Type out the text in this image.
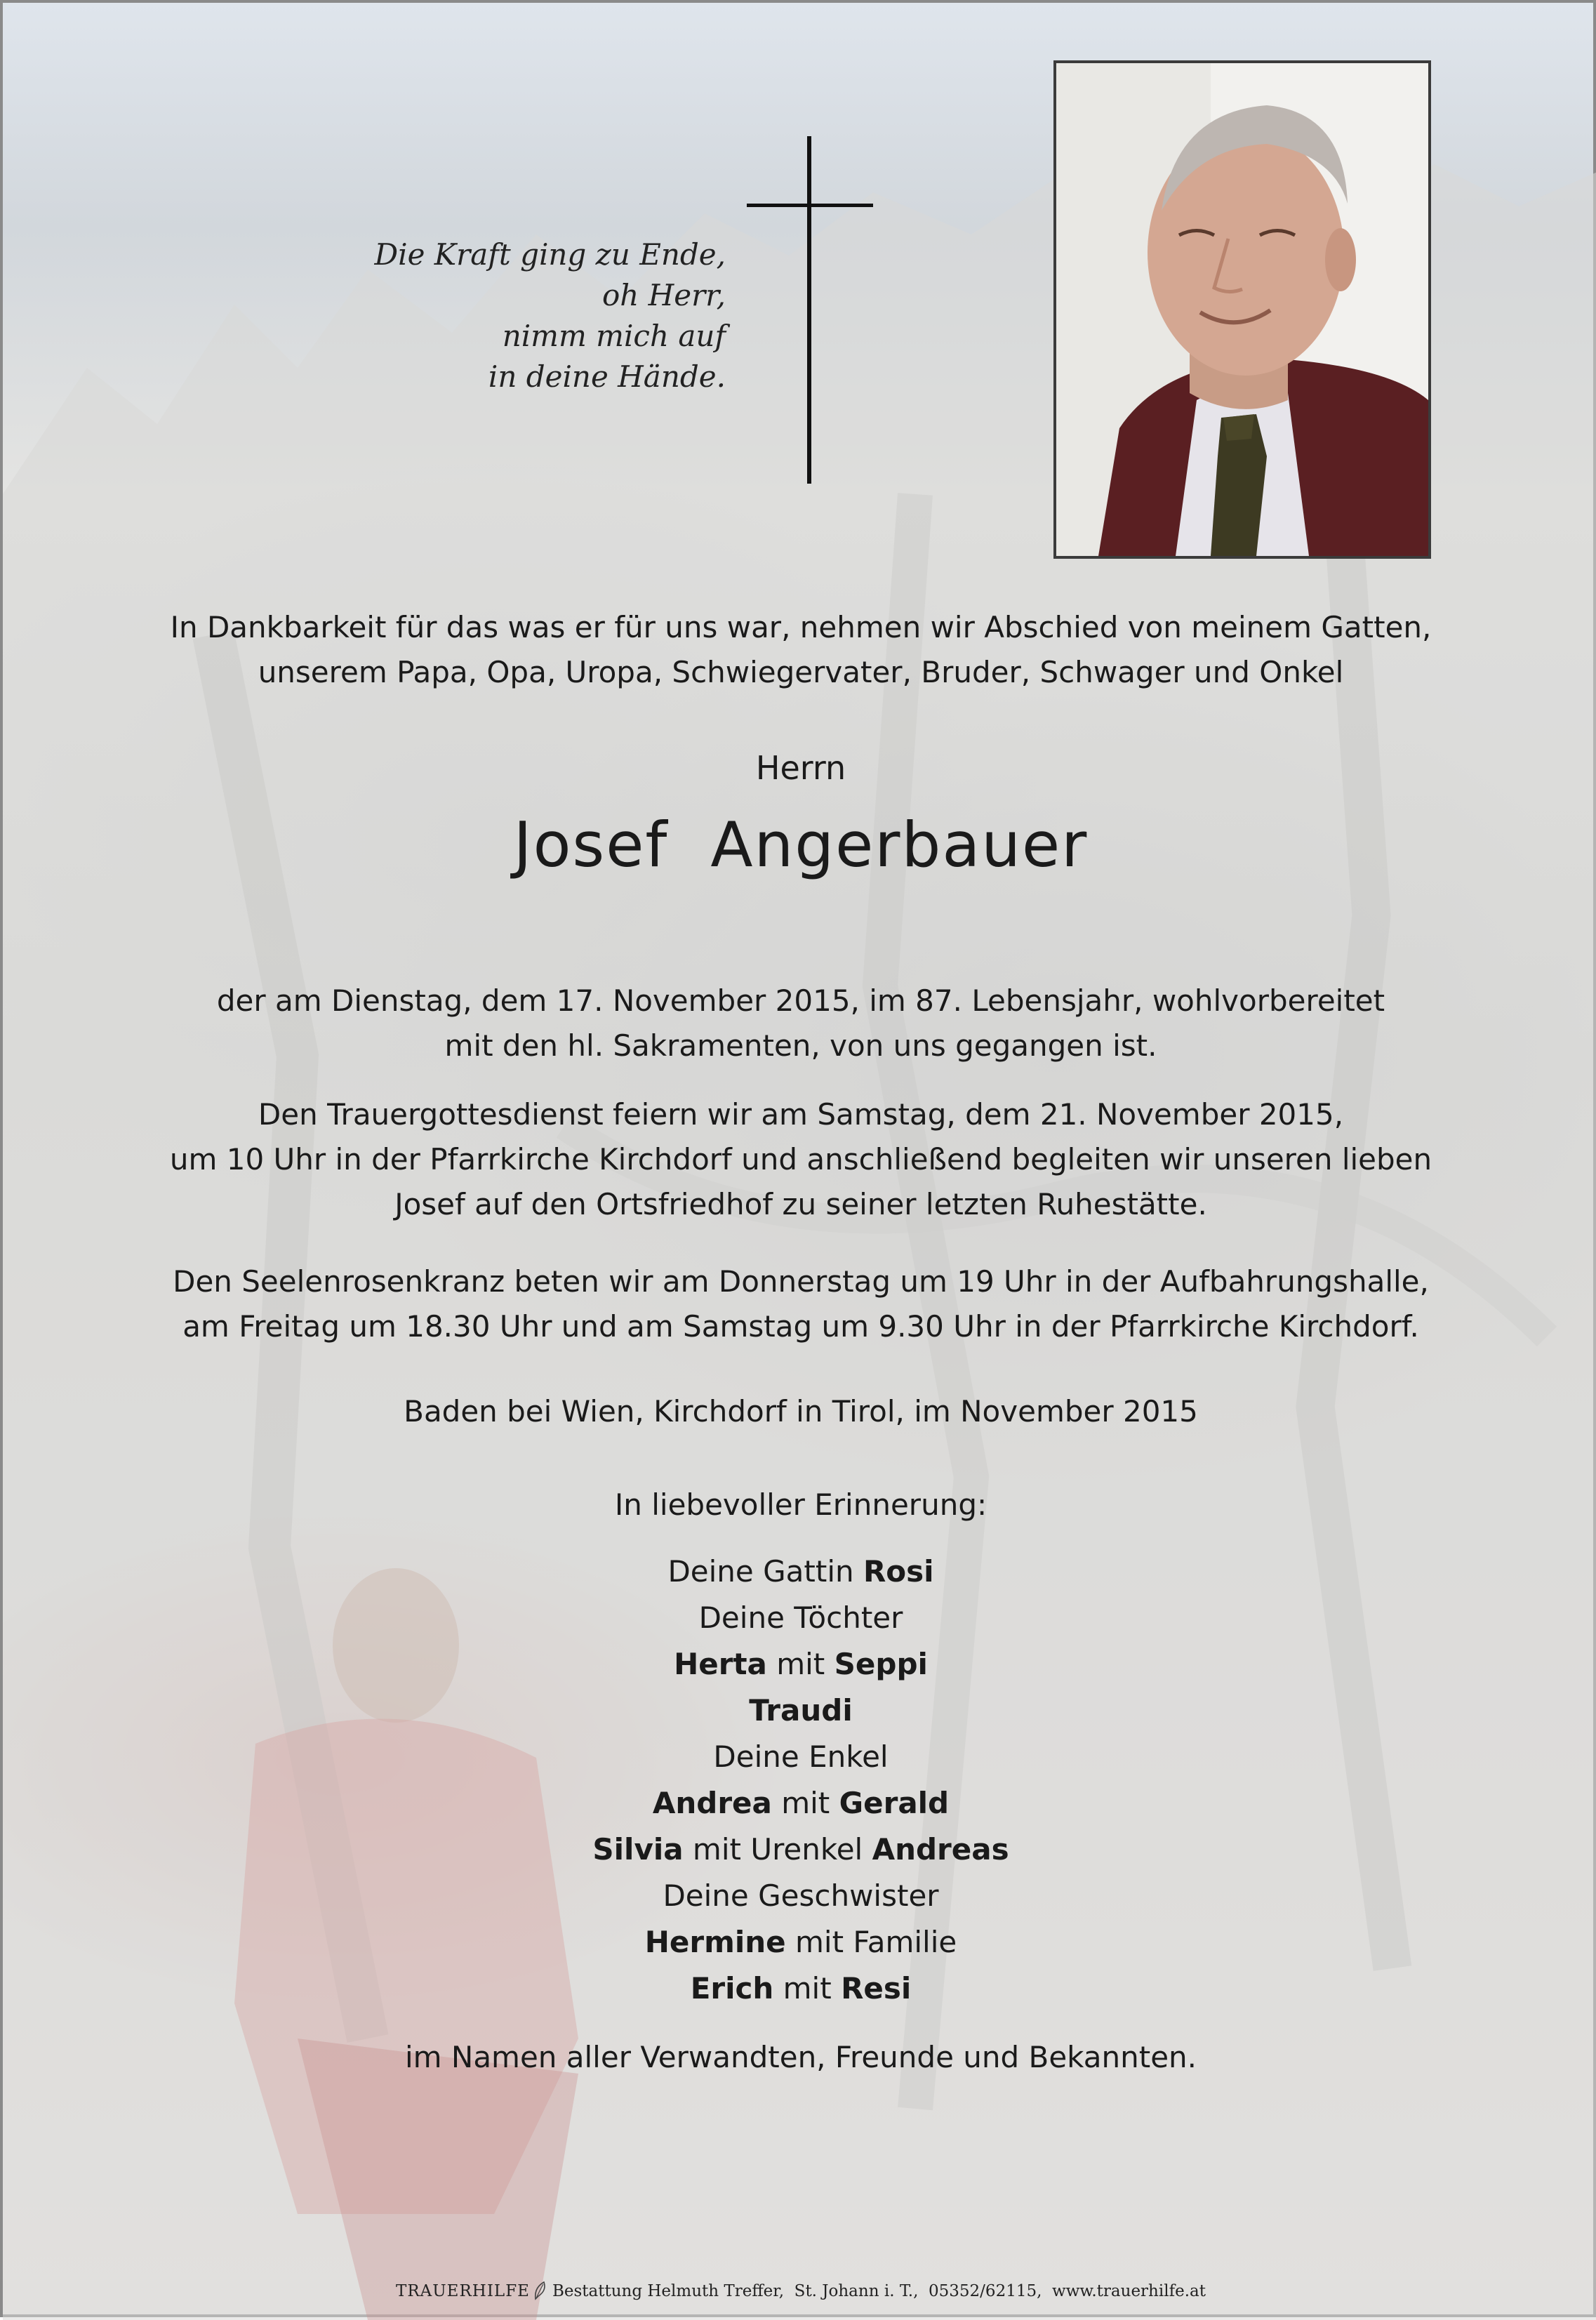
Die Kraft ging zu Ende,
oh Herr,
nimm mich auf
in deine Hände.
In Dankbarkeit für das was er für uns war, nehmen wir Abschied von meinem Gatten,
unserem Papa, Opa, Uropa, Schwiegervater, Bruder, Schwager und Onkel
Herrn
Josef  Angerbauer
der am Dienstag, dem 17. November 2015, im 87. Lebensjahr, wohlvorbereitet
mit den hl. Sakramenten, von uns gegangen ist.
Den Trauergottesdienst feiern wir am Samstag, dem 21. November 2015,
um 10 Uhr in der Pfarrkirche Kirchdorf und anschließend begleiten wir unseren lieben
Josef auf den Ortsfriedhof zu seiner letzten Ruhestätte.
Den Seelenrosenkranz beten wir am Donnerstag um 19 Uhr in der Aufbahrungshalle,
am Freitag um 18.30 Uhr und am Samstag um 9.30 Uhr in der Pfarrkirche Kirchdorf.
Baden bei Wien, Kirchdorf in Tirol, im November 2015
In liebevoller Erinnerung:
Deine Gattin Rosi
Deine Töchter
Herta mit Seppi
Traudi
Deine Enkel
Andrea mit Gerald
Silvia mit Urenkel Andreas
Deine Geschwister
Hermine mit Familie
Erich mit Resi
im Namen aller Verwandten, Freunde und Bekannten.
TRAUERHILFE Bestattung Helmuth Treffer,  St. Johann i. T.,  05352/62115,  www.trauerhilfe.at
